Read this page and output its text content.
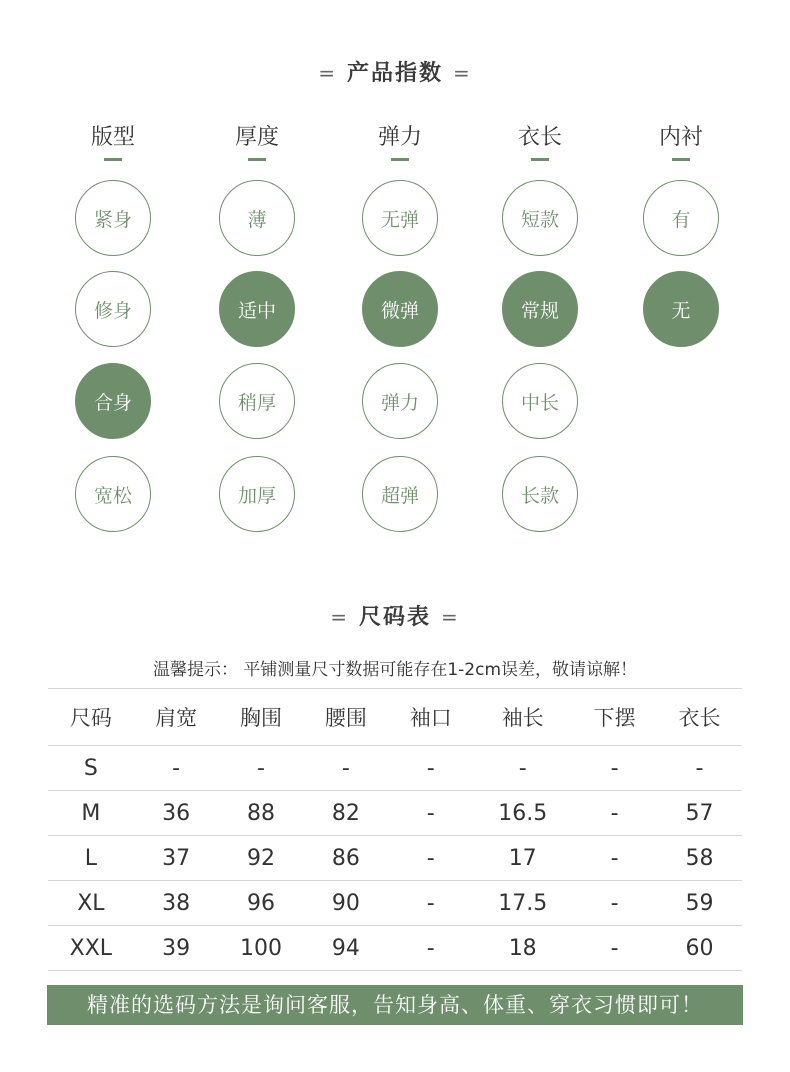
= 产品指数 =
版型
紧身
修身
合身
宽松
厚度
薄
适中
稍厚
加厚
弹力
无弹
微弹
弹力
超弹
衣长
短款
常规
中长
长款
内衬
有
无
= 尺码表 =
温馨提示： 平铺测量尺寸数据可能存在1-2cm误差，敬请谅解！
尺码	肩宽	胸围	腰围	袖口	袖长	下摆	衣长
S	-	-	-	-	-	-	-
M	36	88	82	-	16.5	-	57
L	37	92	86	-	17	-	58
XL	38	96	90	-	17.5	-	59
XXL	39	100	94	-	18	-	60
精准的选码方法是询问客服，告知身高、体重、穿衣习惯即可！
